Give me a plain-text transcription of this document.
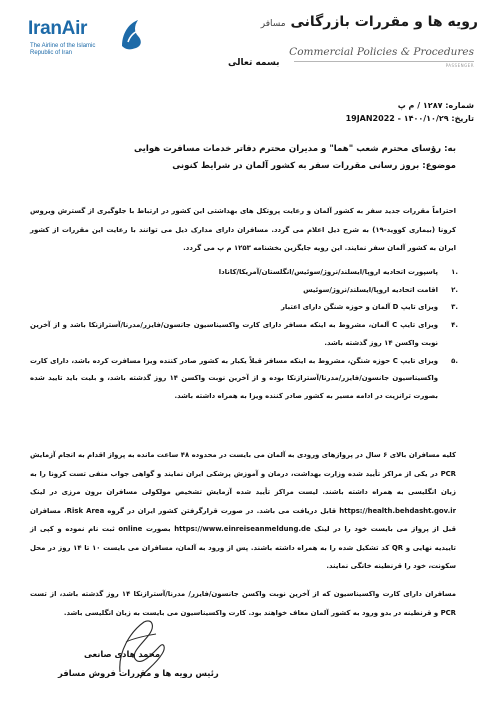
IranAir
The Airline of the Islamic Republic of Iran
رویه ها و مقررات بازرگانی مسافر
Commercial Policies & Procedures
PASSENGER
بسمه تعالی
شماره: ۱۲۸۷ / م پ
تاریخ: ۱۴۰۰/۱۰/۲۹ - 19JAN2022
به: رؤسای محترم شعب "هما" و مدیران محترم دفاتر خدمات مسافرت هوایی
موضوع: بروز رسانی مقررات سفر به کشور آلمان در شرایط کنونی

احتراماً مقررات جدید سفر به کشور آلمان و رعایت پروتکل های بهداشتی این کشور در ارتباط با جلوگیری از گسترش ویروس کرونا (بیماری کووید-۱۹) به شرح ذیل اعلام می گردد. مسافران دارای مدارک ذیل می توانند با رعایت این مقررات از کشور ایران به کشور آلمان سفر نمایند. این رویه جایگزین بخشنامه ۱۲۵۳ م پ می گردد.

.۱
پاسپورت اتحادیه اروپا/ایسلند/نروژ/سوئیس/انگلستان/آمریکا/کانادا
.۲
اقامت اتحادیه اروپا/ایسلند/نروژ/سوئیس
.۳
ویزای تایپ D آلمان و حوزه شنگن دارای اعتبار
.۴
ویزای تایپ C آلمان، مشروط به اینکه مسافر دارای کارت واکسیناسیون جانسون/فایزر/مدرنا/آسترازنکا باشد و از آخرین نوبت واکسن ۱۴ روز گذشته باشد.
.۵
ویزای تایپ C حوزه شنگن، مشروط به اینکه مسافر قبلاً یکبار به کشور صادر کننده ویزا مسافرت کرده باشد، دارای کارت واکسیناسیون جانسون/فایزر/مدرنا/آسترازنکا بوده و از آخرین نوبت واکسن ۱۴ روز گذشته باشد، و بلیت باید تایید شده بصورت ترانزیت در ادامه مسیر به کشور صادر کننده ویزا به همراه داشته باشد.

کلیه مسافران بالای ۶ سال در پروازهای ورودی به آلمان می بایست در محدوده ۴۸ ساعت مانده به پرواز اقدام به انجام آزمایش PCR در یکی از مراکز تأیید شده وزارت بهداشت، درمان و آموزش پزشکی ایران نمایند و گواهی جواب منفی تست کرونا را به زبان انگلیسی به همراه داشته باشند. لیست مراکز تأیید شده آزمایش تشخیص مولکولی مسافران برون مرزی در لینک https://health.behdasht.gov.ir قابل دریافت می باشد. در صورت قرارگرفتن کشور ایران در گروه Risk Area، مسافران قبل از پرواز می بایست خود را در لینک https://www.einreiseanmeldung.de بصورت online ثبت نام نموده و کپی از تاییدیه نهایی و QR کد تشکیل شده را به همراه داشته باشند. پس از ورود به آلمان، مسافران می بایست ۱۰ تا ۱۴ روز در محل سکونت، خود را قرنطینه خانگی نمایند.

مسافران دارای کارت واکسیناسیون که از آخرین نوبت واکسن جانسون/فایزر/ مدرنا/آسترازنکا ۱۴ روز گذشته باشد، از تست PCR و قرنطینه در بدو ورود به کشور آلمان معاف خواهند بود. کارت واکسیناسیون می بایست به زبان انگلیسی باشد.

محمد هادی صانعی
رئیس رویه ها و مقررات فروش مسافر
